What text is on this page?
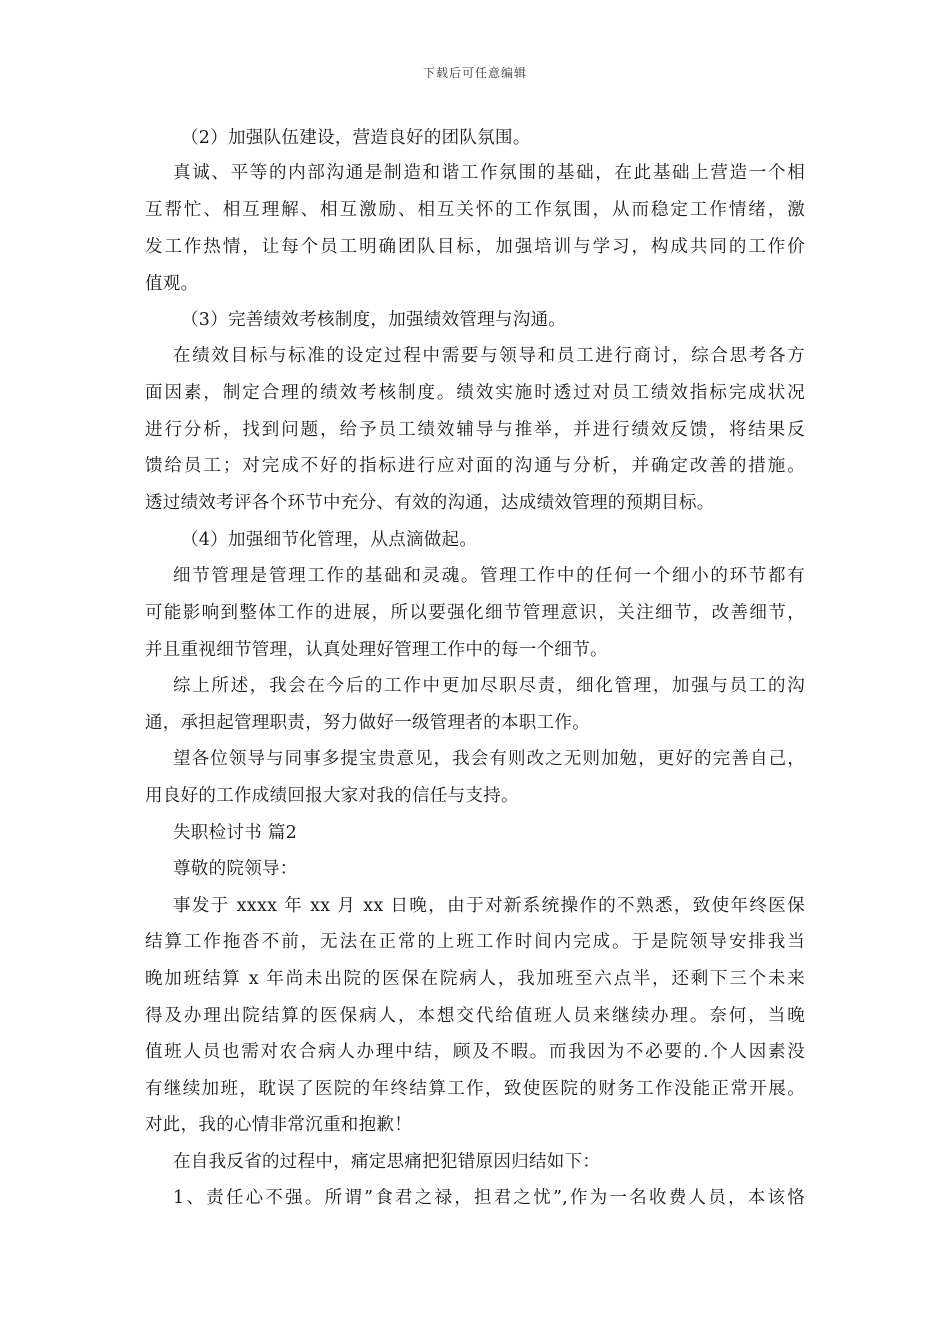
下载后可任意编辑
（2）加强队伍建设，营造良好的团队氛围。
真诚、平等的内部沟通是制造和谐工作氛围的基础，在此基础上营造一个相
互帮忙、相互理解、相互激励、相互关怀的工作氛围，从而稳定工作情绪，激
发工作热情，让每个员工明确团队目标，加强培训与学习，构成共同的工作价
值观。
（3）完善绩效考核制度，加强绩效管理与沟通。
在绩效目标与标准的设定过程中需要与领导和员工进行商讨，综合思考各方
面因素，制定合理的绩效考核制度。绩效实施时透过对员工绩效指标完成状况
进行分析，找到问题，给予员工绩效辅导与推举，并进行绩效反馈，将结果反
馈给员工；对完成不好的指标进行应对面的沟通与分析，并确定改善的措施。
透过绩效考评各个环节中充分、有效的沟通，达成绩效管理的预期目标。
（4）加强细节化管理，从点滴做起。
细节管理是管理工作的基础和灵魂。管理工作中的任何一个细小的环节都有
可能影响到整体工作的进展，所以要强化细节管理意识，关注细节，改善细节，
并且重视细节管理，认真处理好管理工作中的每一个细节。
综上所述，我会在今后的工作中更加尽职尽责，细化管理，加强与员工的沟
通，承担起管理职责，努力做好一级管理者的本职工作。
望各位领导与同事多提宝贵意见，我会有则改之无则加勉，更好的完善自己，
用良好的工作成绩回报大家对我的信任与支持。
失职检讨书 篇2
尊敬的院领导：
事发于 xxxx 年 xx 月 xx 日晚，由于对新系统操作的不熟悉，致使年终医保
结算工作拖沓不前，无法在正常的上班工作时间内完成。于是院领导安排我当
晚加班结算 x 年尚未出院的医保在院病人，我加班至六点半，还剩下三个未来
得及办理出院结算的医保病人，本想交代给值班人员来继续办理。奈何，当晚
值班人员也需对农合病人办理中结，顾及不暇。而我因为不必要的.个人因素没
有继续加班，耽误了医院的年终结算工作，致使医院的财务工作没能正常开展。
对此，我的心情非常沉重和抱歉！
在自我反省的过程中，痛定思痛把犯错原因归结如下：
1、责任心不强。所谓”食君之禄，担君之忧”,作为一名收费人员，本该恪
